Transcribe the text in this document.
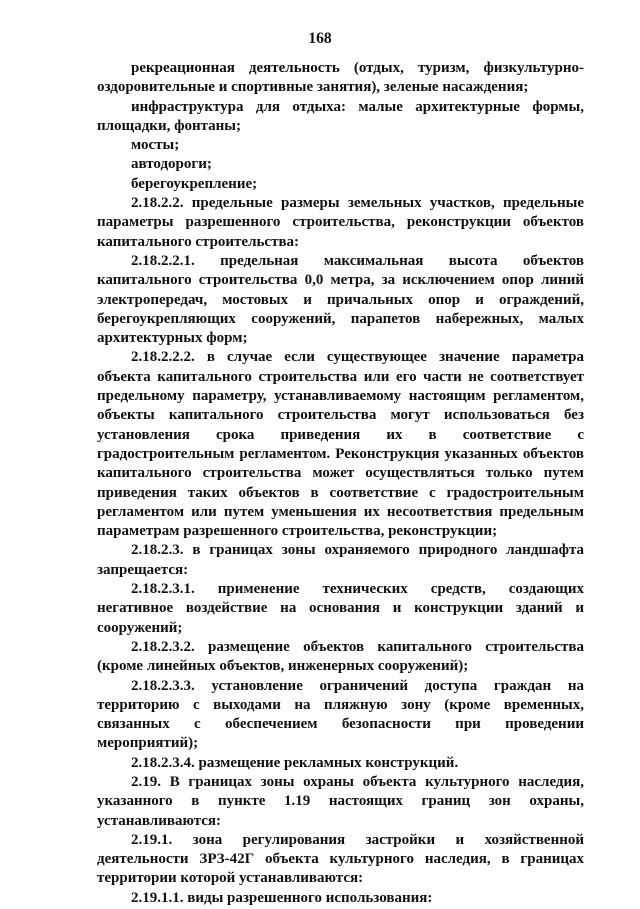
168

рекреационная деятельность (отдых, туризм, физкультурно-оздоровительные и спортивные занятия), зеленые насаждения;

инфраструктура для отдыха: малые архитектурные формы, площадки, фонтаны;

мосты;

автодороги;

берегоукрепление;

2.18.2.2. предельные размеры земельных участков, предельные параметры разрешенного строительства, реконструкции объектов капитального строительства:

2.18.2.2.1. предельная максимальная высота объектов капитального строительства 0,0 метра, за исключением опор линий электропередач, мостовых и причальных опор и ограждений, берегоукрепляющих сооружений, парапетов набережных, малых архитектурных форм;

2.18.2.2.2. в случае если существующее значение параметра объекта капитального строительства или его части не соответствует предельному параметру, устанавливаемому настоящим регламентом, объекты капитального строительства могут использоваться без установления срока приведения их в соответствие с градостроительным регламентом. Реконструкция указанных объектов капитального строительства может осуществляться только путем приведения таких объектов в соответствие с градостроительным регламентом или путем уменьшения их несоответствия предельным параметрам разрешенного строительства, реконструкции;

2.18.2.3. в границах зоны охраняемого природного ландшафта запрещается:

2.18.2.3.1. применение технических средств, создающих негативное воздействие на основания и конструкции зданий и сооружений;

2.18.2.3.2. размещение объектов капитального строительства (кроме линейных объектов, инженерных сооружений);

2.18.2.3.3. установление ограничений доступа граждан на территорию с выходами на пляжную зону (кроме временных, связанных с обеспечением безопасности при проведении мероприятий);

2.18.2.3.4. размещение рекламных конструкций.

2.19. В границах зоны охраны объекта культурного наследия, указанного в пункте 1.19 настоящих границ зон охраны, устанавливаются:

2.19.1. зона регулирования застройки и хозяйственной деятельности ЗРЗ-42Г объекта культурного наследия, в границах территории которой устанавливаются:

2.19.1.1. виды разрешенного использования:
